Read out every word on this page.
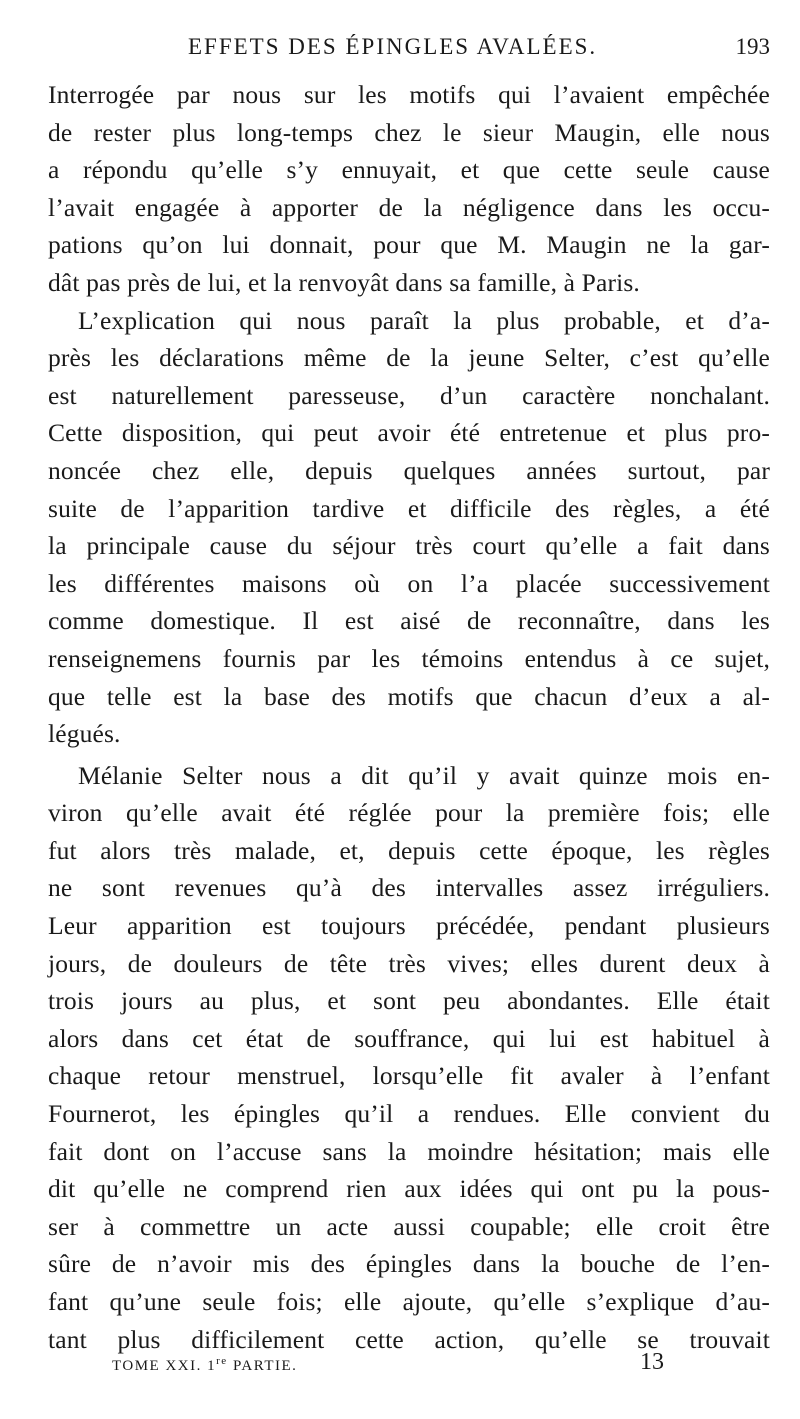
EFFETS DES ÉPINGLES AVALÉES.	193
Interrogée par nous sur les motifs qui l’avaient empêchée
de rester plus long-temps chez le sieur Maugin, elle nous
a répondu qu’elle s’y ennuyait, et que cette seule cause
l’avait engagée à apporter de la négligence dans les occu-
pations qu’on lui donnait, pour que M. Maugin ne la gar-
dât pas près de lui, et la renvoyât dans sa famille, à Paris.
L’explication qui nous paraît la plus probable, et d’a-
près les déclarations même de la jeune Selter, c’est qu’elle
est naturellement paresseuse, d’un caractère nonchalant.
Cette disposition, qui peut avoir été entretenue et plus pro-
noncée chez elle, depuis quelques années surtout, par
suite de l’apparition tardive et difficile des règles, a été
la principale cause du séjour très court qu’elle a fait dans
les différentes maisons où on l’a placée successivement
comme domestique. Il est aisé de reconnaître, dans les
renseignemens fournis par les témoins entendus à ce sujet,
que telle est la base des motifs que chacun d’eux a al-
légués.
Mélanie Selter nous a dit qu’il y avait quinze mois en-
viron qu’elle avait été réglée pour la première fois; elle
fut alors très malade, et, depuis cette époque, les règles
ne sont revenues qu’à des intervalles assez irréguliers.
Leur apparition est toujours précédée, pendant plusieurs
jours, de douleurs de tête très vives; elles durent deux à
trois jours au plus, et sont peu abondantes. Elle était
alors dans cet état de souffrance, qui lui est habituel à
chaque retour menstruel, lorsqu’elle fit avaler à l’enfant
Fournerot, les épingles qu’il a rendues. Elle convient du
fait dont on l’accuse sans la moindre hésitation; mais elle
dit qu’elle ne comprend rien aux idées qui ont pu la pous-
ser à commettre un acte aussi coupable; elle croit être
sûre de n’avoir mis des épingles dans la bouche de l’en-
fant qu’une seule fois; elle ajoute, qu’elle s’explique d’au-
tant plus difficilement cette action, qu’elle se trouvait
TOME XXI. 1re PARTIE.	13
